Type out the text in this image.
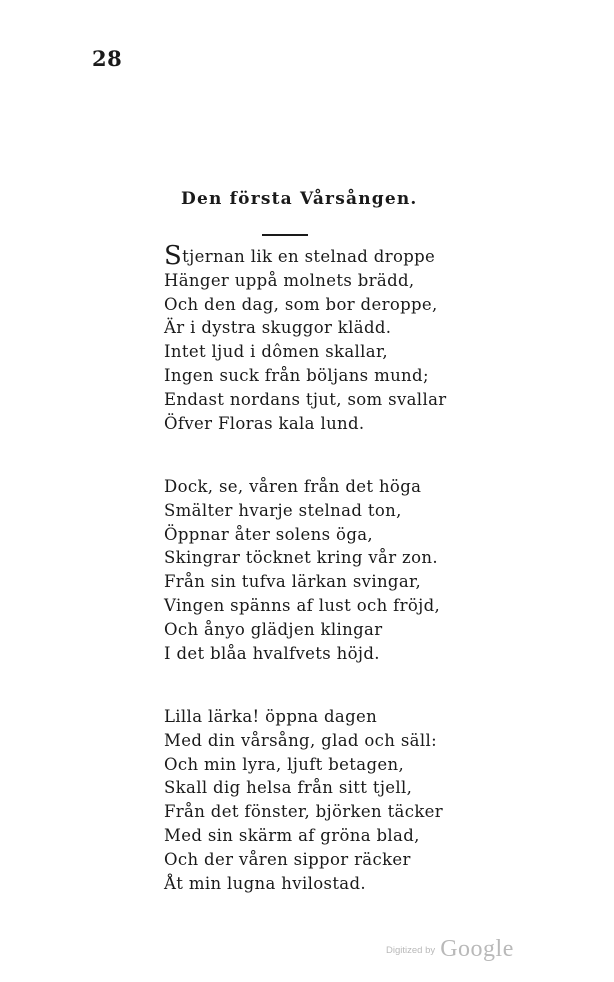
28
Den första Vårsången.
Stjernan lik en stelnad droppe
Hänger uppå molnets brädd,
Och den dag, som bor deroppe,
Är i dystra skuggor klädd.
Intet ljud i dômen skallar,
Ingen suck från böljans mund;
Endast nordans tjut, som svallar
Öfver Floras kala lund.
Dock, se, våren från det höga
Smälter hvarje stelnad ton,
Öppnar åter solens öga,
Skingrar töcknet kring vår zon.
Från sin tufva lärkan svingar,
Vingen spänns af lust och fröjd,
Och ånyo glädjen klingar
I det blåa hvalfvets höjd.
Lilla lärka! öppna dagen
Med din vårsång, glad och säll:
Och min lyra, ljuft betagen,
Skall dig helsa från sitt tjell,
Från det fönster, björken täcker
Med sin skärm af gröna blad,
Och der våren sippor räcker
Åt min lugna hvilostad.
Digitized by Google
